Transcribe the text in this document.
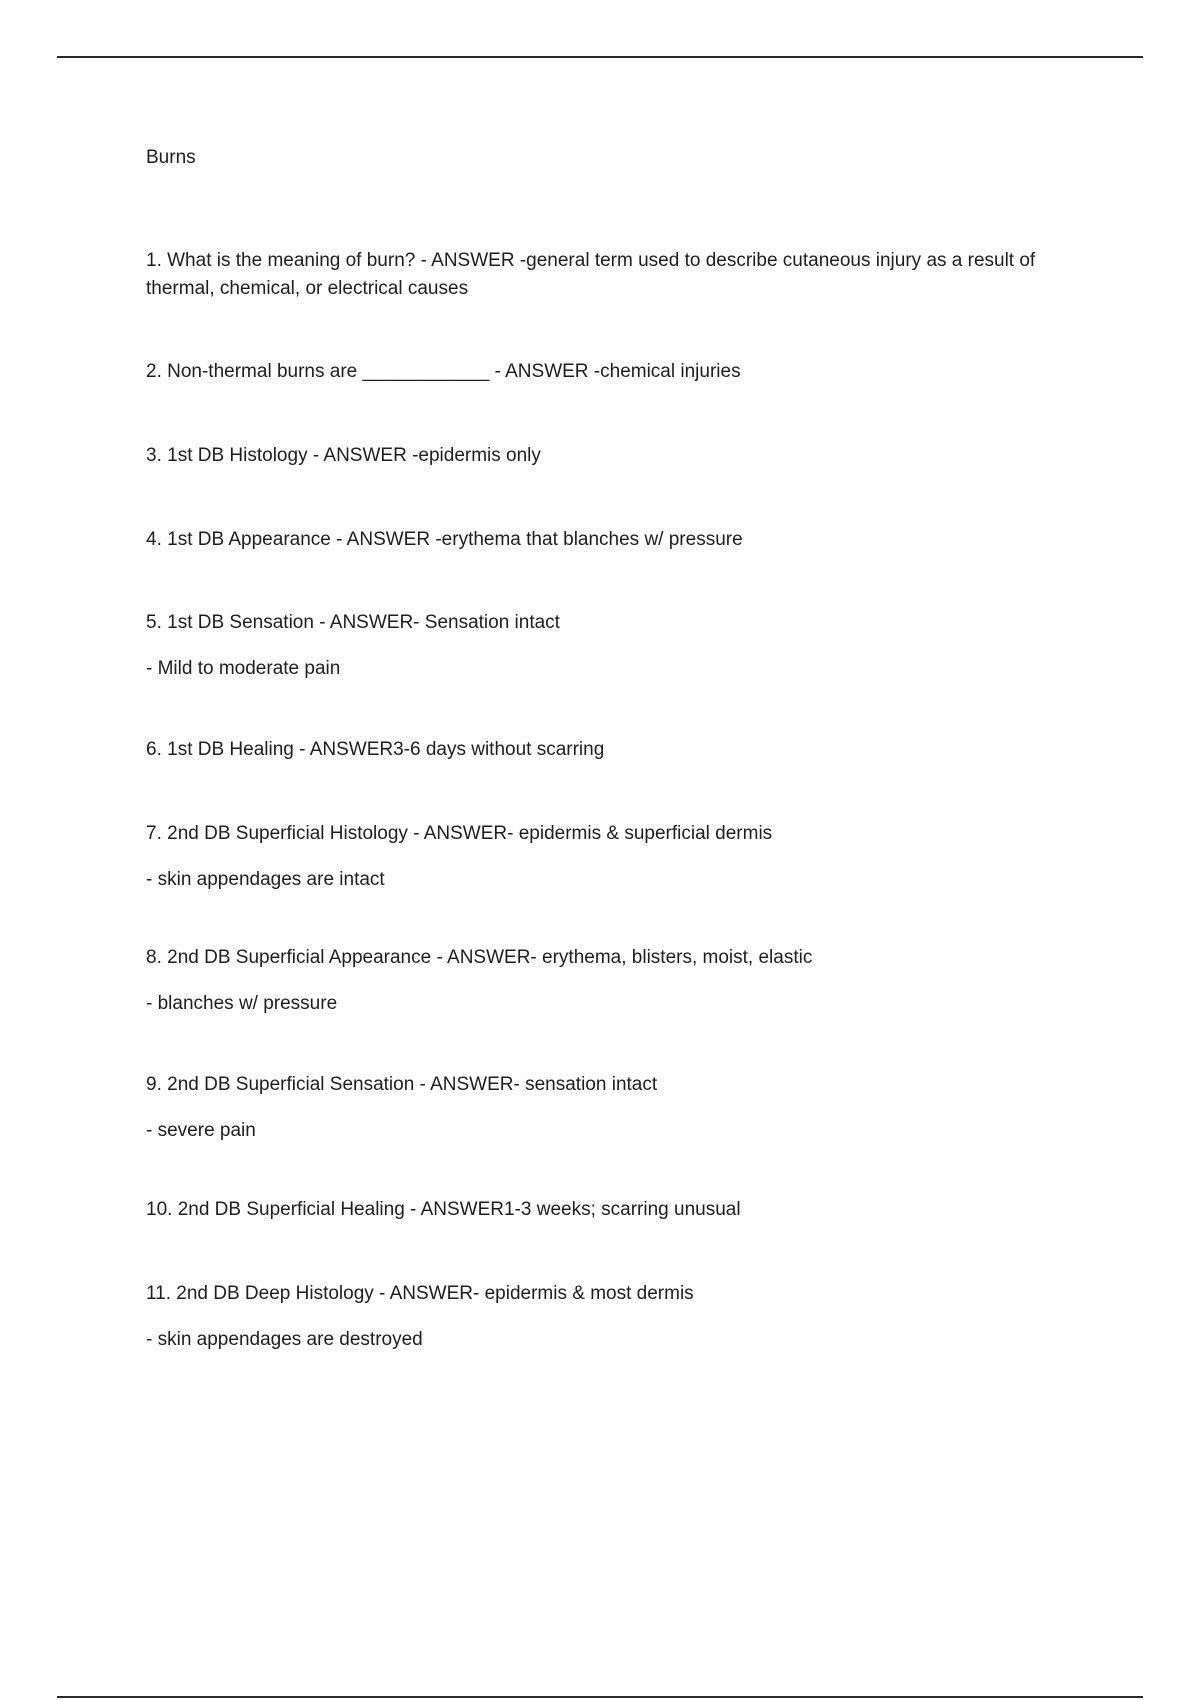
Burns
1. What is the meaning of burn? - ANSWER -general term used to describe cutaneous injury as a result of thermal, chemical, or electrical causes
2. Non-thermal burns are ____________ - ANSWER -chemical injuries
3. 1st DB Histology - ANSWER -epidermis only
4. 1st DB Appearance - ANSWER -erythema that blanches w/ pressure
5. 1st DB Sensation - ANSWER- Sensation intact
- Mild to moderate pain
6. 1st DB Healing - ANSWER3-6 days without scarring
7. 2nd DB Superficial Histology - ANSWER- epidermis & superficial dermis
- skin appendages are intact
8. 2nd DB Superficial Appearance - ANSWER- erythema, blisters, moist, elastic
- blanches w/ pressure
9. 2nd DB Superficial Sensation - ANSWER- sensation intact
- severe pain
10. 2nd DB Superficial Healing - ANSWER1-3 weeks; scarring unusual
11. 2nd DB Deep Histology - ANSWER- epidermis & most dermis
- skin appendages are destroyed
